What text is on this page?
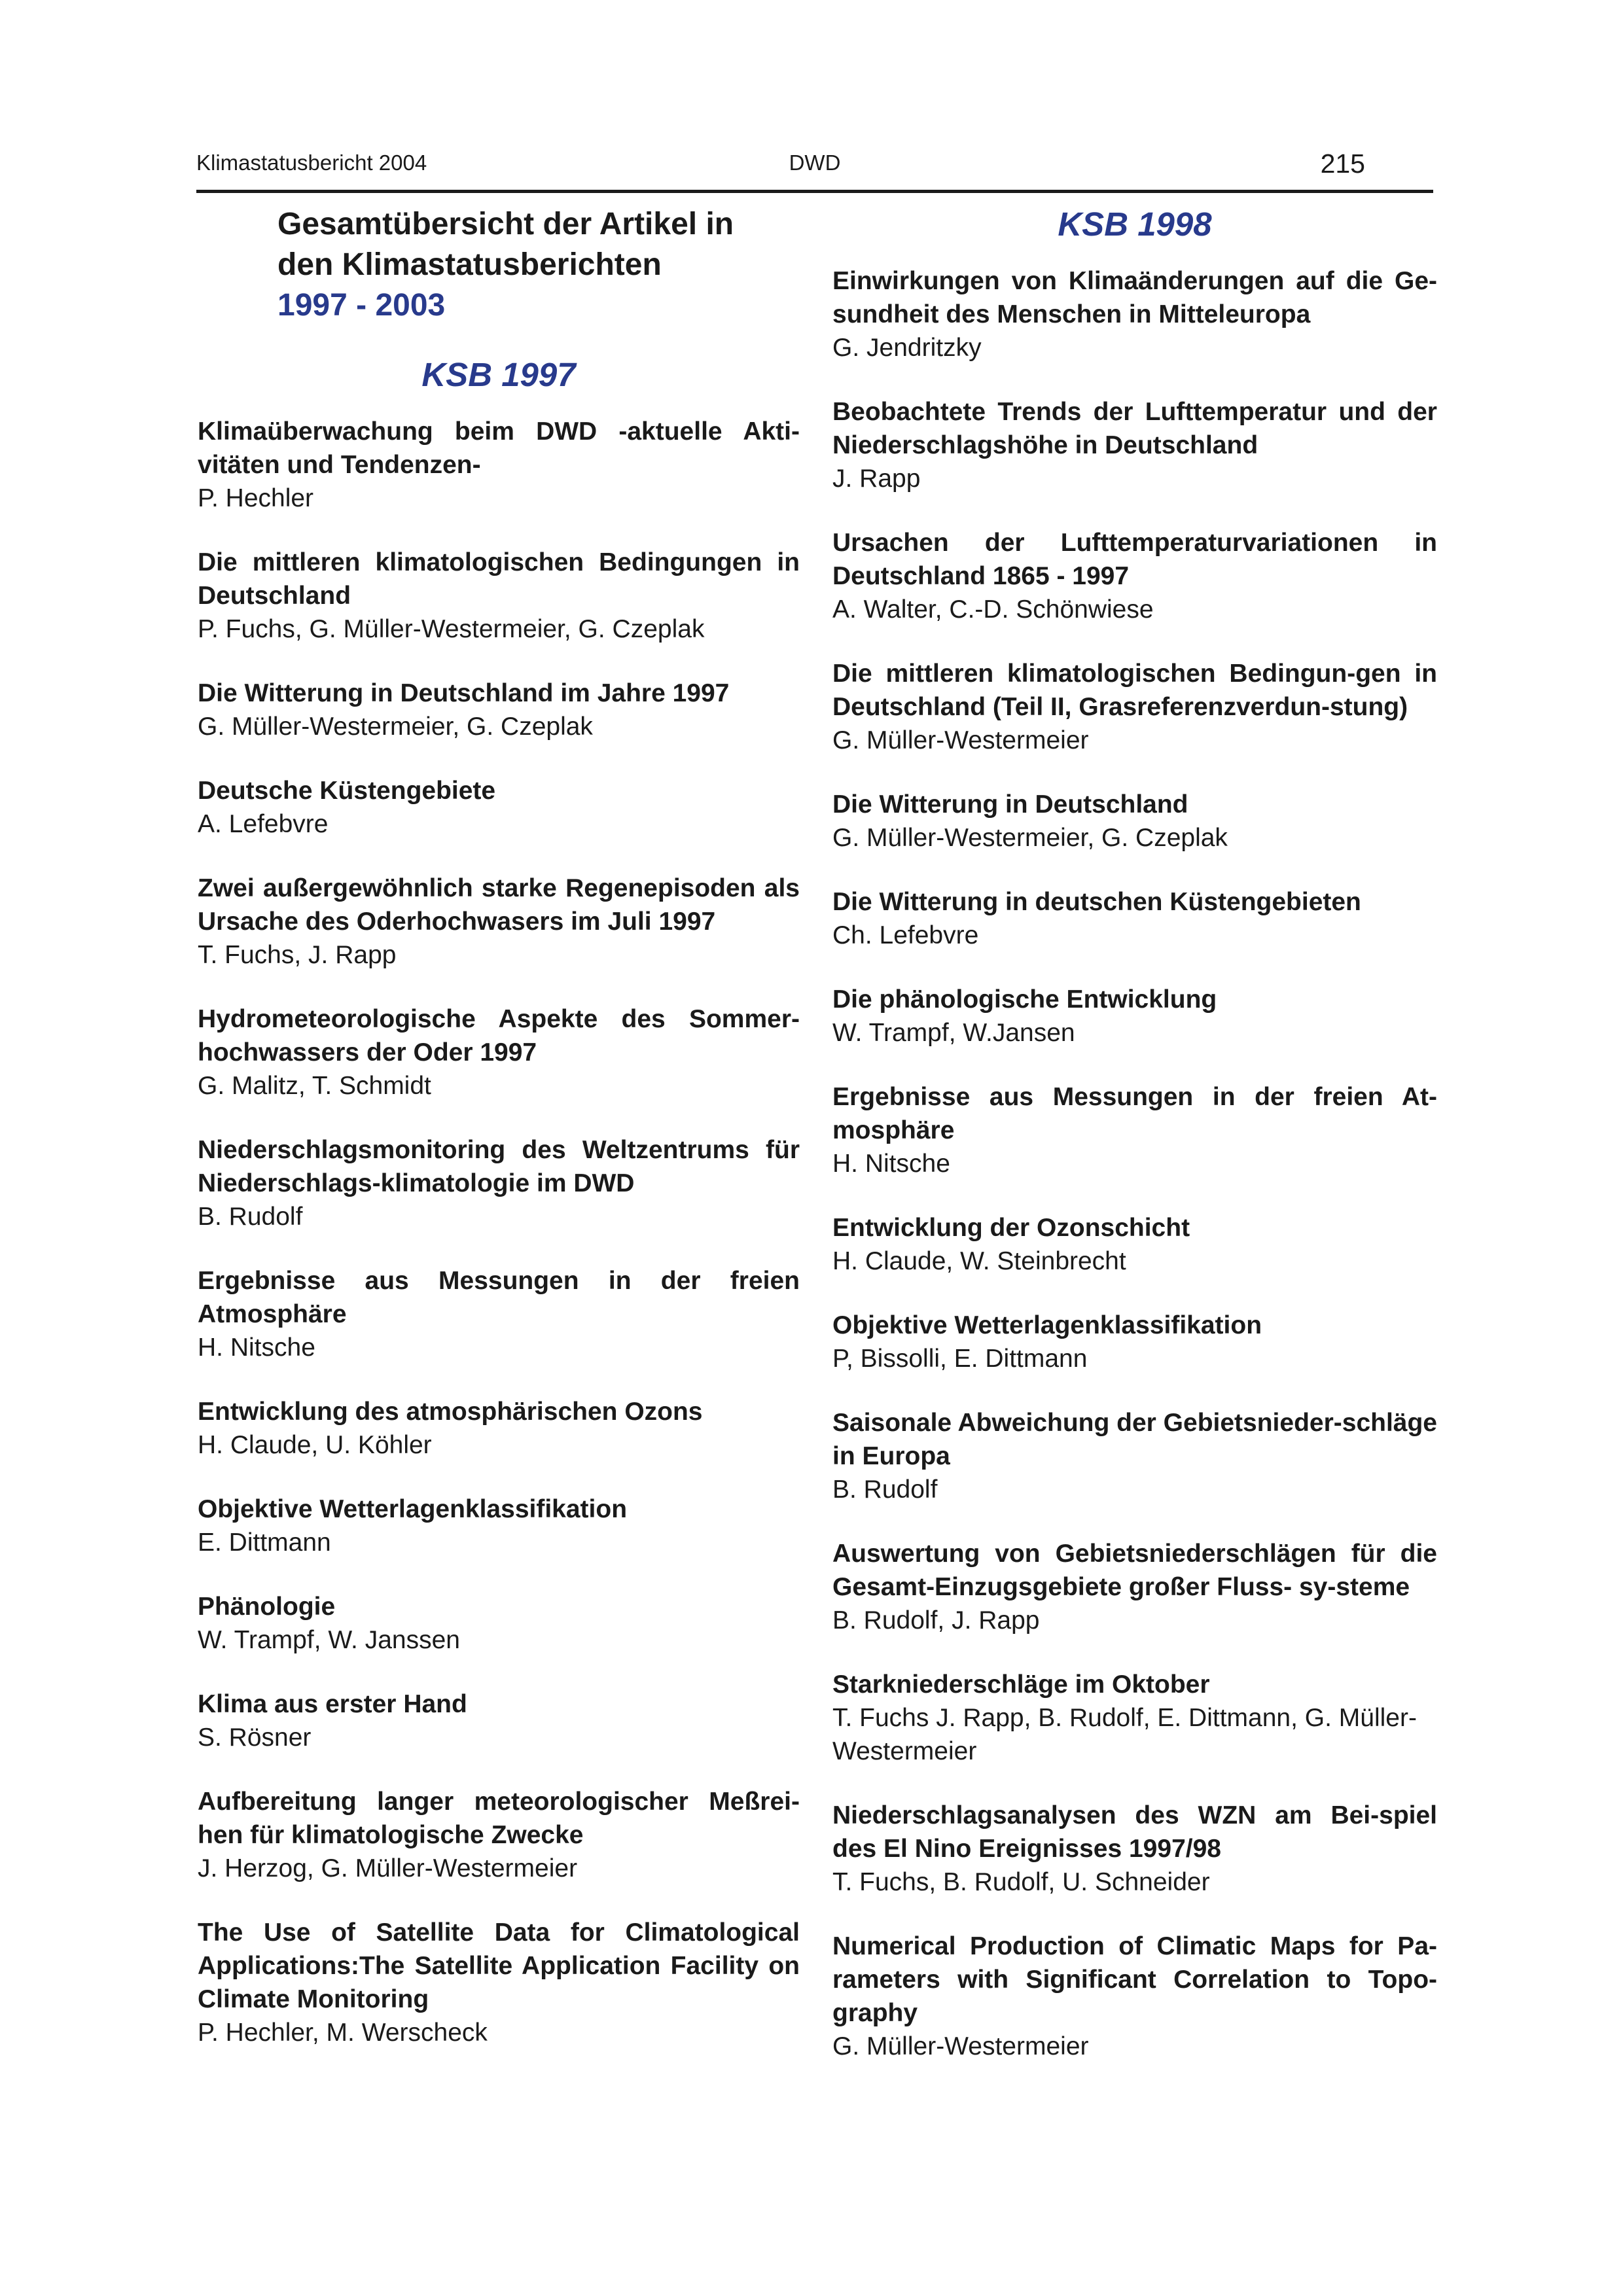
Klimastatusbericht 2004	DWD	215
Gesamtübersicht der Artikel in
den Klimastatusberichten
1997 - 2003
KSB 1997
Klimaüberwachung beim DWD -aktuelle Akti-vitäten und Tendenzen-
P. Hechler
Die mittleren klimatologischen Bedingungen in Deutschland
P. Fuchs, G. Müller-Westermeier, G. Czeplak
Die Witterung in Deutschland im Jahre 1997
G. Müller-Westermeier, G. Czeplak
Deutsche Küstengebiete
A. Lefebvre
Zwei außergewöhnlich starke Regenepisoden als Ursache des Oderhochwasers im Juli 1997
T. Fuchs, J. Rapp
Hydrometeorologische Aspekte des Sommer-hochwassers der Oder 1997
G. Malitz, T. Schmidt
Niederschlagsmonitoring des Weltzentrums für Niederschlags-klimatologie im DWD
B. Rudolf
Ergebnisse aus Messungen in der freien Atmosphäre
H. Nitsche
Entwicklung des atmosphärischen Ozons
H. Claude, U. Köhler
Objektive Wetterlagenklassifikation
E. Dittmann
Phänologie
W. Trampf, W. Janssen
Klima aus erster Hand
S. Rösner
Aufbereitung langer meteorologischer Meßrei-hen für klimatologische Zwecke
J. Herzog, G. Müller-Westermeier
The Use of Satellite Data for Climatological Applications:The Satellite Application Facility on Climate Monitoring
P. Hechler, M. Werscheck
KSB 1998
Einwirkungen von Klimaänderungen auf die Ge-sundheit des Menschen in Mitteleuropa
G. Jendritzky
Beobachtete Trends der Lufttemperatur und der Niederschlagshöhe in Deutschland
J. Rapp
Ursachen der Lufttemperaturvariationen in Deutschland 1865 - 1997
A. Walter, C.-D. Schönwiese
Die mittleren klimatologischen Bedingun-gen in Deutschland (Teil II, Grasreferenzverdun-stung)
G. Müller-Westermeier
Die Witterung in Deutschland
G. Müller-Westermeier, G. Czeplak
Die Witterung in deutschen Küstengebieten
Ch. Lefebvre
Die phänologische Entwicklung
W. Trampf, W.Jansen
Ergebnisse aus Messungen in der freien At-mosphäre
H. Nitsche
Entwicklung der Ozonschicht
H. Claude, W. Steinbrecht
Objektive Wetterlagenklassifikation
P, Bissolli, E. Dittmann
Saisonale Abweichung der Gebietsnieder-schläge in Europa
B. Rudolf
Auswertung von Gebietsniederschlägen für die Gesamt-Einzugsgebiete großer Fluss- sy-steme
B. Rudolf, J. Rapp
Starkniederschläge im Oktober
T. Fuchs J. Rapp, B. Rudolf, E. Dittmann, G. Müller-Westermeier
Niederschlagsanalysen des WZN am Bei-spiel des El Nino Ereignisses 1997/98
T. Fuchs, B. Rudolf, U. Schneider
Numerical Production of Climatic Maps for Pa-rameters with Significant Correlation to Topo-graphy
G. Müller-Westermeier
